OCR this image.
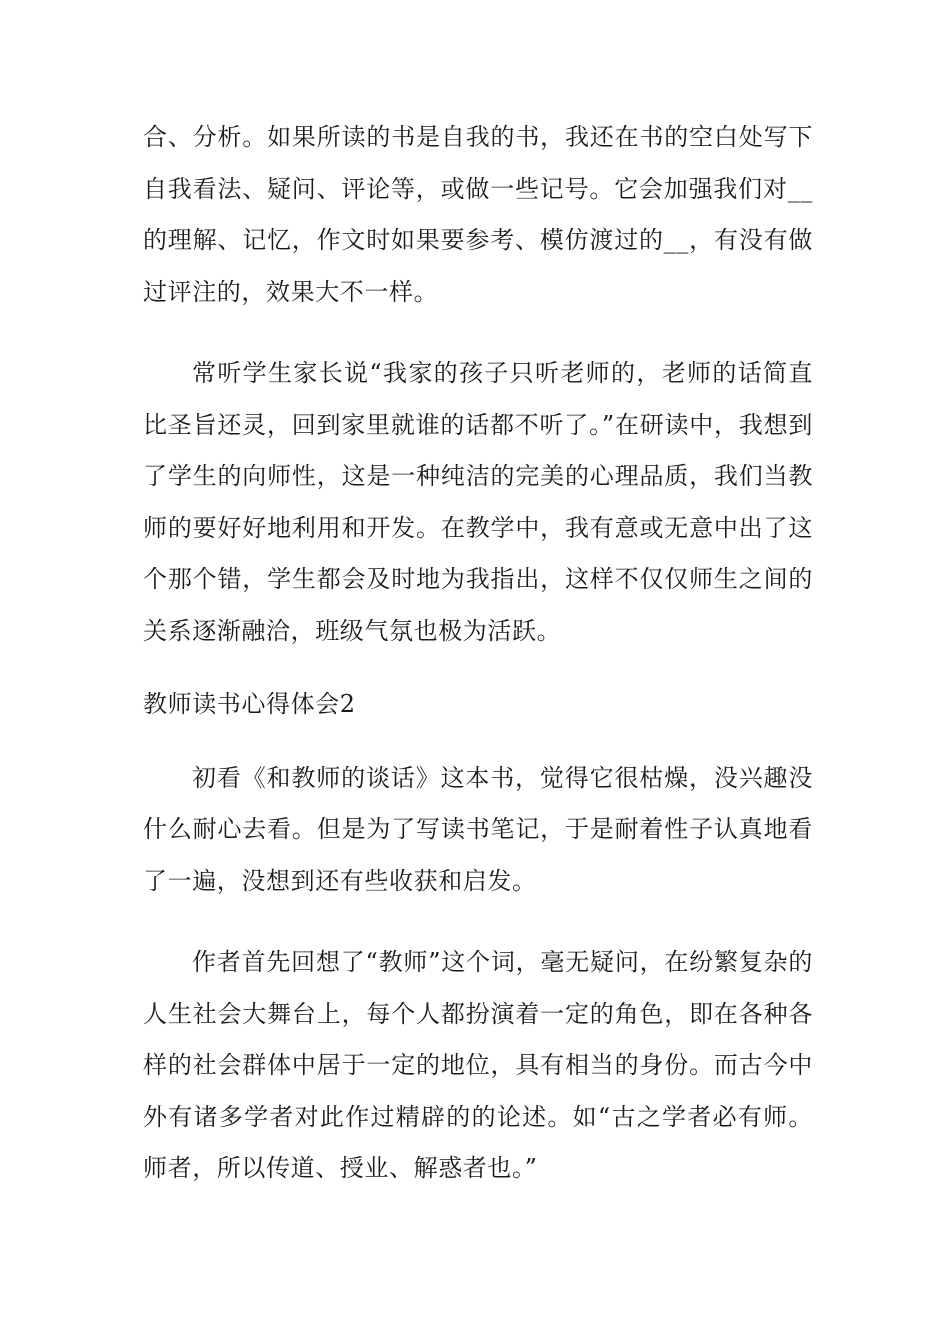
合、分析。如果所读的书是自我的书，我还在书的空白处写下自我看法、疑问、评论等，或做一些记号。它会加强我们对__的理解、记忆，作文时如果要参考、模仿渡过的__，有没有做过评注的，效果大不一样。

常听学生家长说“我家的孩子只听老师的，老师的话简直比圣旨还灵，回到家里就谁的话都不听了。”在研读中，我想到了学生的向师性，这是一种纯洁的完美的心理品质，我们当教师的要好好地利用和开发。在教学中，我有意或无意中出了这个那个错，学生都会及时地为我指出，这样不仅仅师生之间的关系逐渐融洽，班级气氛也极为活跃。

教师读书心得体会2

初看《和教师的谈话》这本书，觉得它很枯燥，没兴趣没什么耐心去看。但是为了写读书笔记，于是耐着性子认真地看了一遍，没想到还有些收获和启发。

作者首先回想了“教师”这个词，毫无疑问，在纷繁复杂的人生社会大舞台上，每个人都扮演着一定的角色，即在各种各样的社会群体中居于一定的地位，具有相当的身份。而古今中外有诸多学者对此作过精辟的的论述。如“古之学者必有师。师者，所以传道、授业、解惑者也。”
